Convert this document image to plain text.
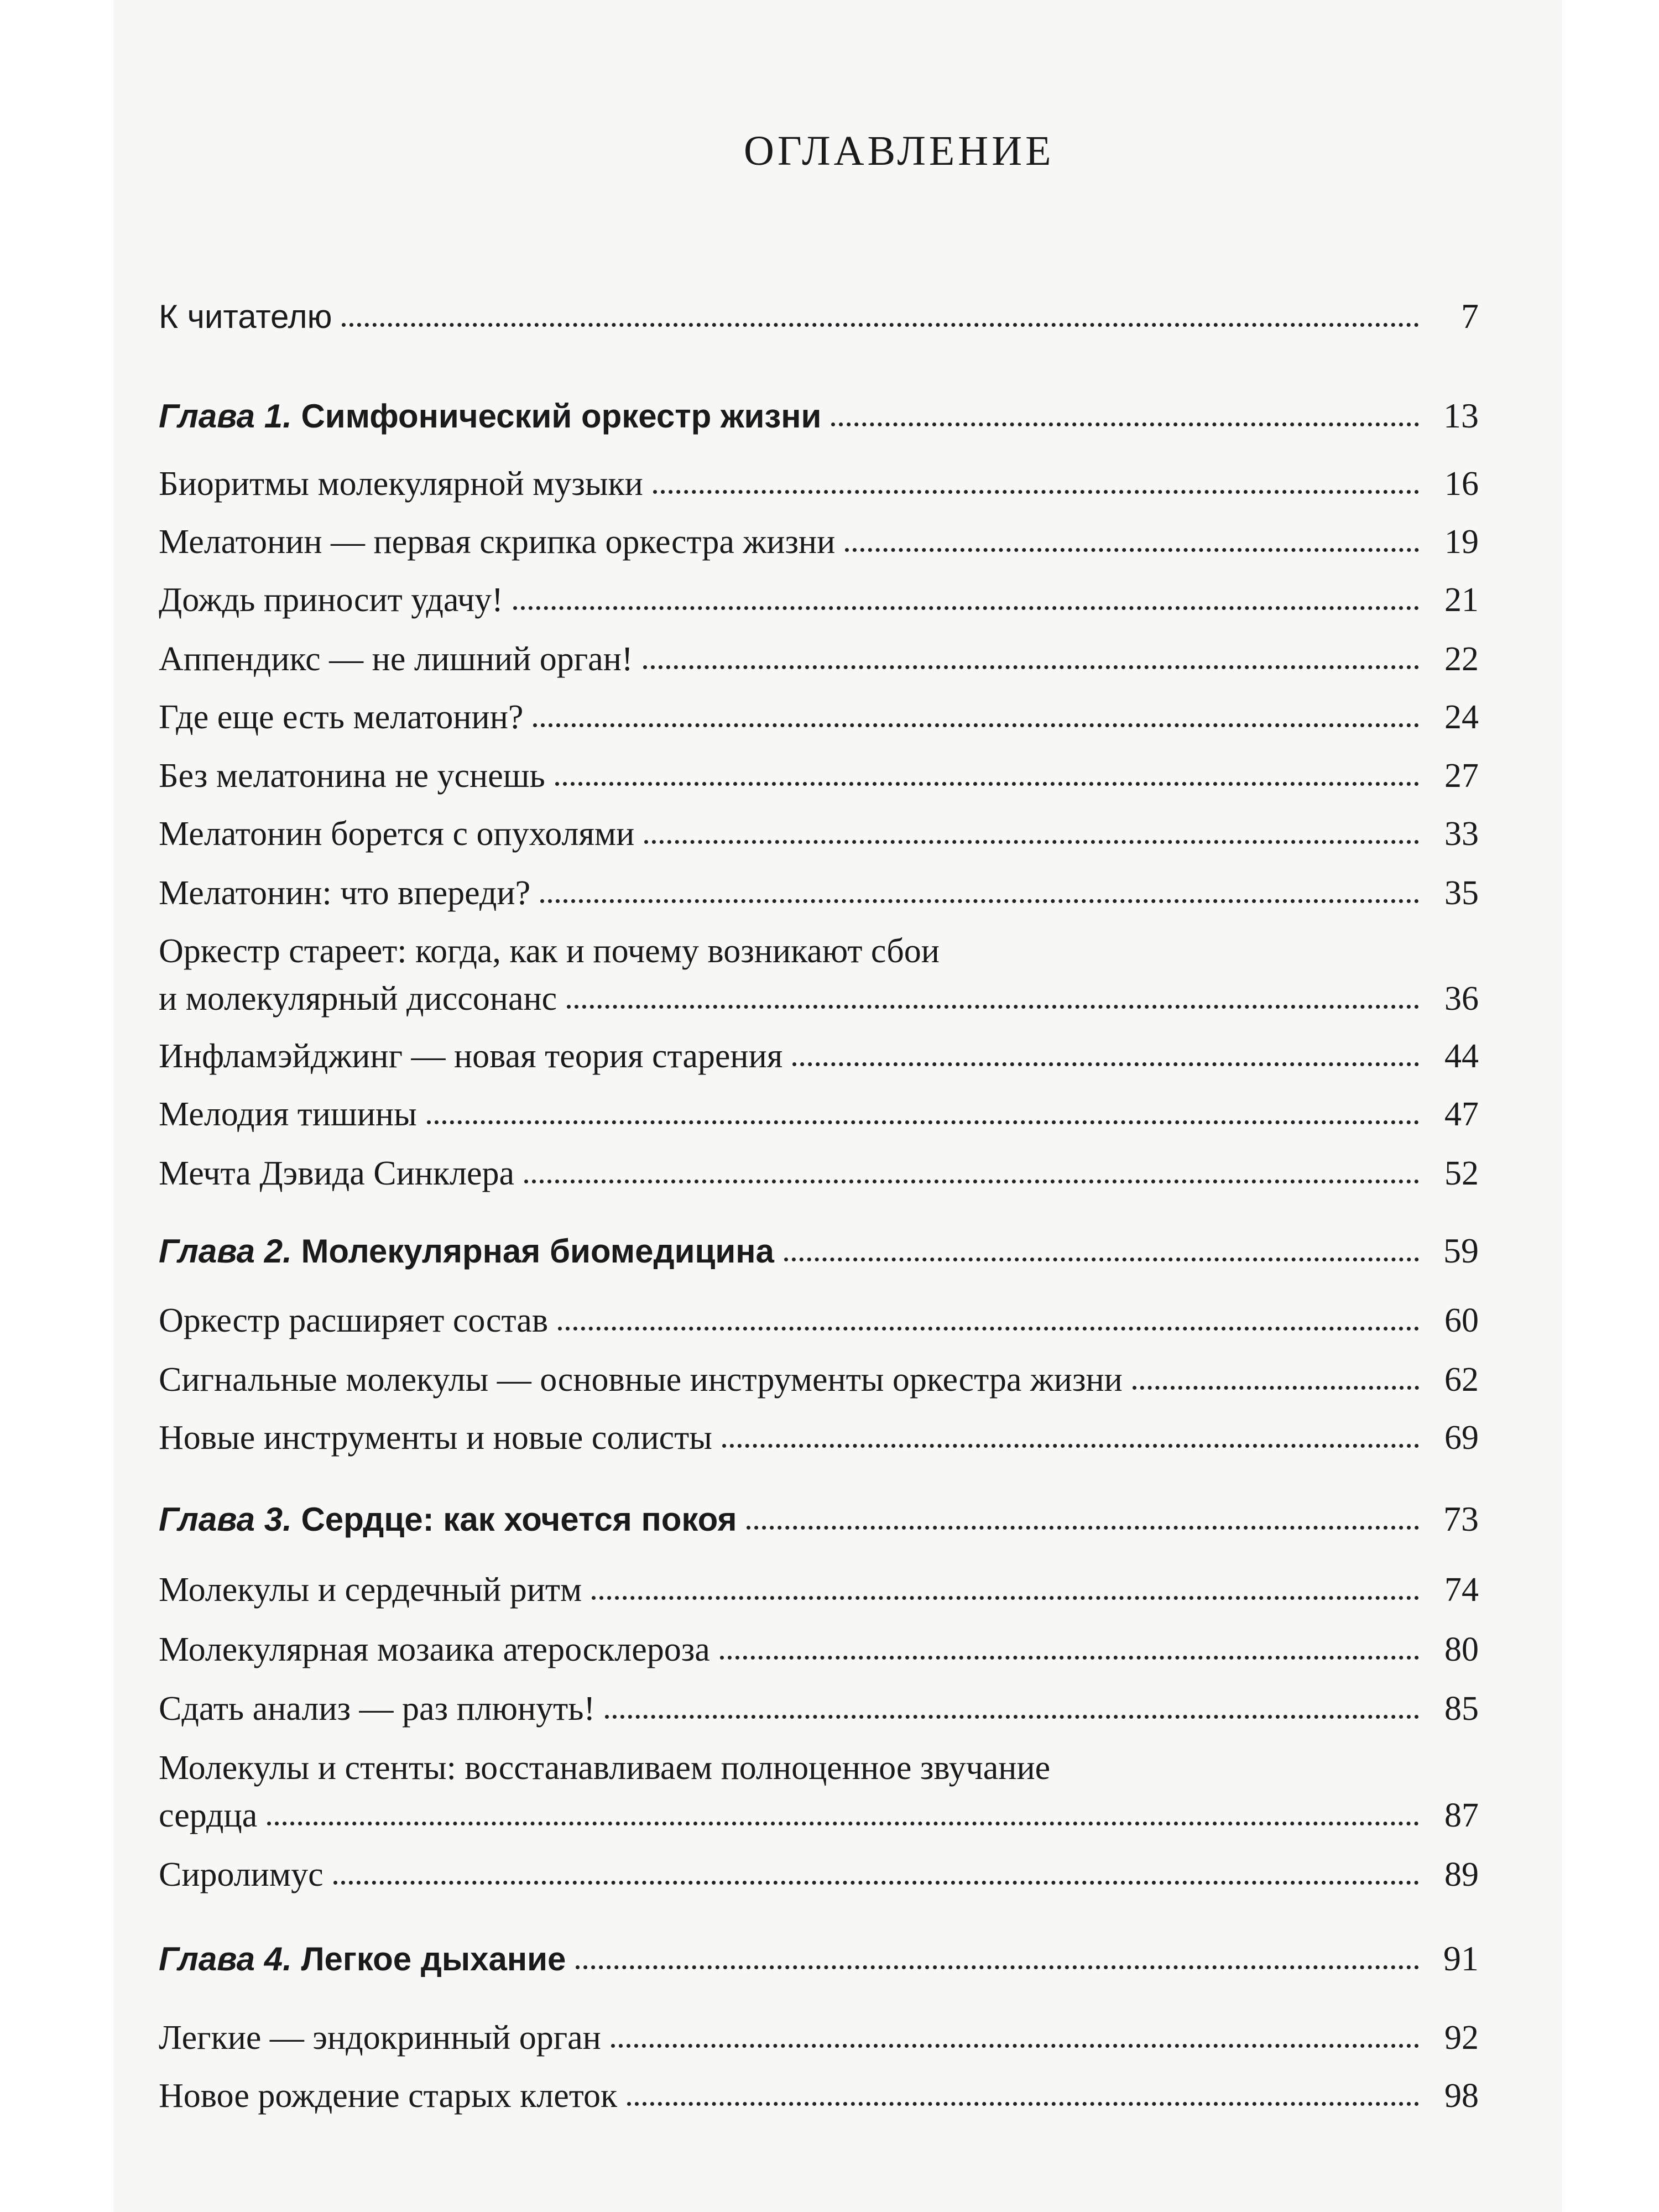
ОГЛАВЛЕНИЕ
К читателю	7
Глава 1. Симфонический оркестр жизни	13
Биоритмы молекулярной музыки	16
Мелатонин — первая скрипка оркестра жизни	19
Дождь приносит удачу!	21
Аппендикс — не лишний орган!	22
Где еще есть мелатонин?	24
Без мелатонина не уснешь	27
Мелатонин борется с опухолями	33
Мелатонин: что впереди?	35
Оркестр стареет: когда, как и почему возникают сбои
и молекулярный диссонанс	36
Инфламэйджинг — новая теория старения	44
Мелодия тишины	47
Мечта Дэвида Синклера	52
Глава 2. Молекулярная биомедицина	59
Оркестр расширяет состав	60
Сигнальные молекулы — основные инструменты оркестра жизни	62
Новые инструменты и новые солисты	69
Глава 3. Сердце: как хочется покоя	73
Молекулы и сердечный ритм	74
Молекулярная мозаика атеросклероза	80
Сдать анализ — раз плюнуть!	85
Молекулы и стенты: восстанавливаем полноценное звучание
сердца	87
Сиролимус	89
Глава 4. Легкое дыхание	91
Легкие — эндокринный орган	92
Новое рождение старых клеток	98
